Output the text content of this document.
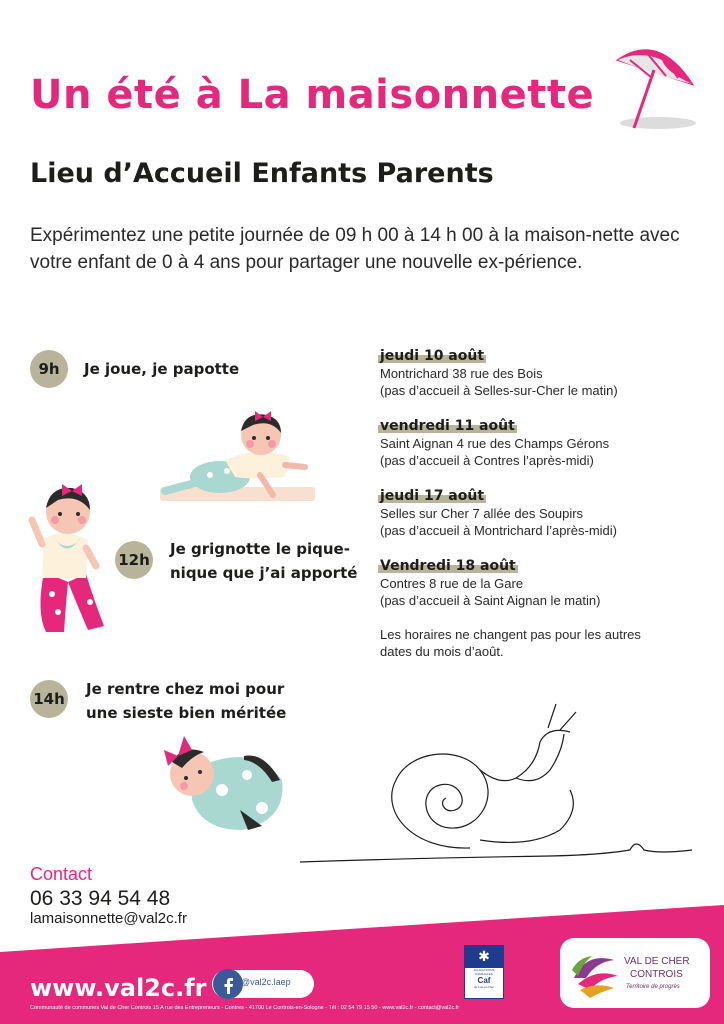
Un été à La maisonnette
Lieu d’Accueil Enfants Parents
Expérimentez une petite journée de 09 h 00 à 14 h 00 à la maison-nette avec votre enfant de 0 à 4 ans pour partager une nouvelle ex-périence.
9h	Je joue, je papotte
12h
Je grignotte le pique-
nique que j’ai apporté
14h
Je rentre chez moi pour
une sieste bien méritée
jeudi 10 août
Montrichard 38 rue des Bois
(pas d’accueil à Selles-sur-Cher le matin)
vendredi 11 août
Saint Aignan 4 rue des Champs Gérons
(pas d’accueil à Contres l’après-midi)
jeudi 17 août
Selles sur Cher 7 allée des Soupirs
(pas d’accueil à Montrichard l’après-midi)
Vendredi 18 août
Contres 8 rue de la Gare
(pas d’accueil à Saint Aignan le matin)
Les horaires ne changent pas pour les autres
dates du mois d’août.
Contact
06 33 94 54 48
lamaisonnette@val2c.fr
www.val2c.fr	@val2c.laep
Communauté de communes Val de Cher Controis 15 A rue des Entrepreneurs - Contres - 41700 Le Controis-en-Sologne - Tél : 02 54 79 15 50 - www.val2c.fr - contact@val2c.fr
✱
ALLOCATIONS
FAMILIALES
Caf
de Loir-et-Cher
VAL DE CHER
CONTROIS
Territoire de progrès
